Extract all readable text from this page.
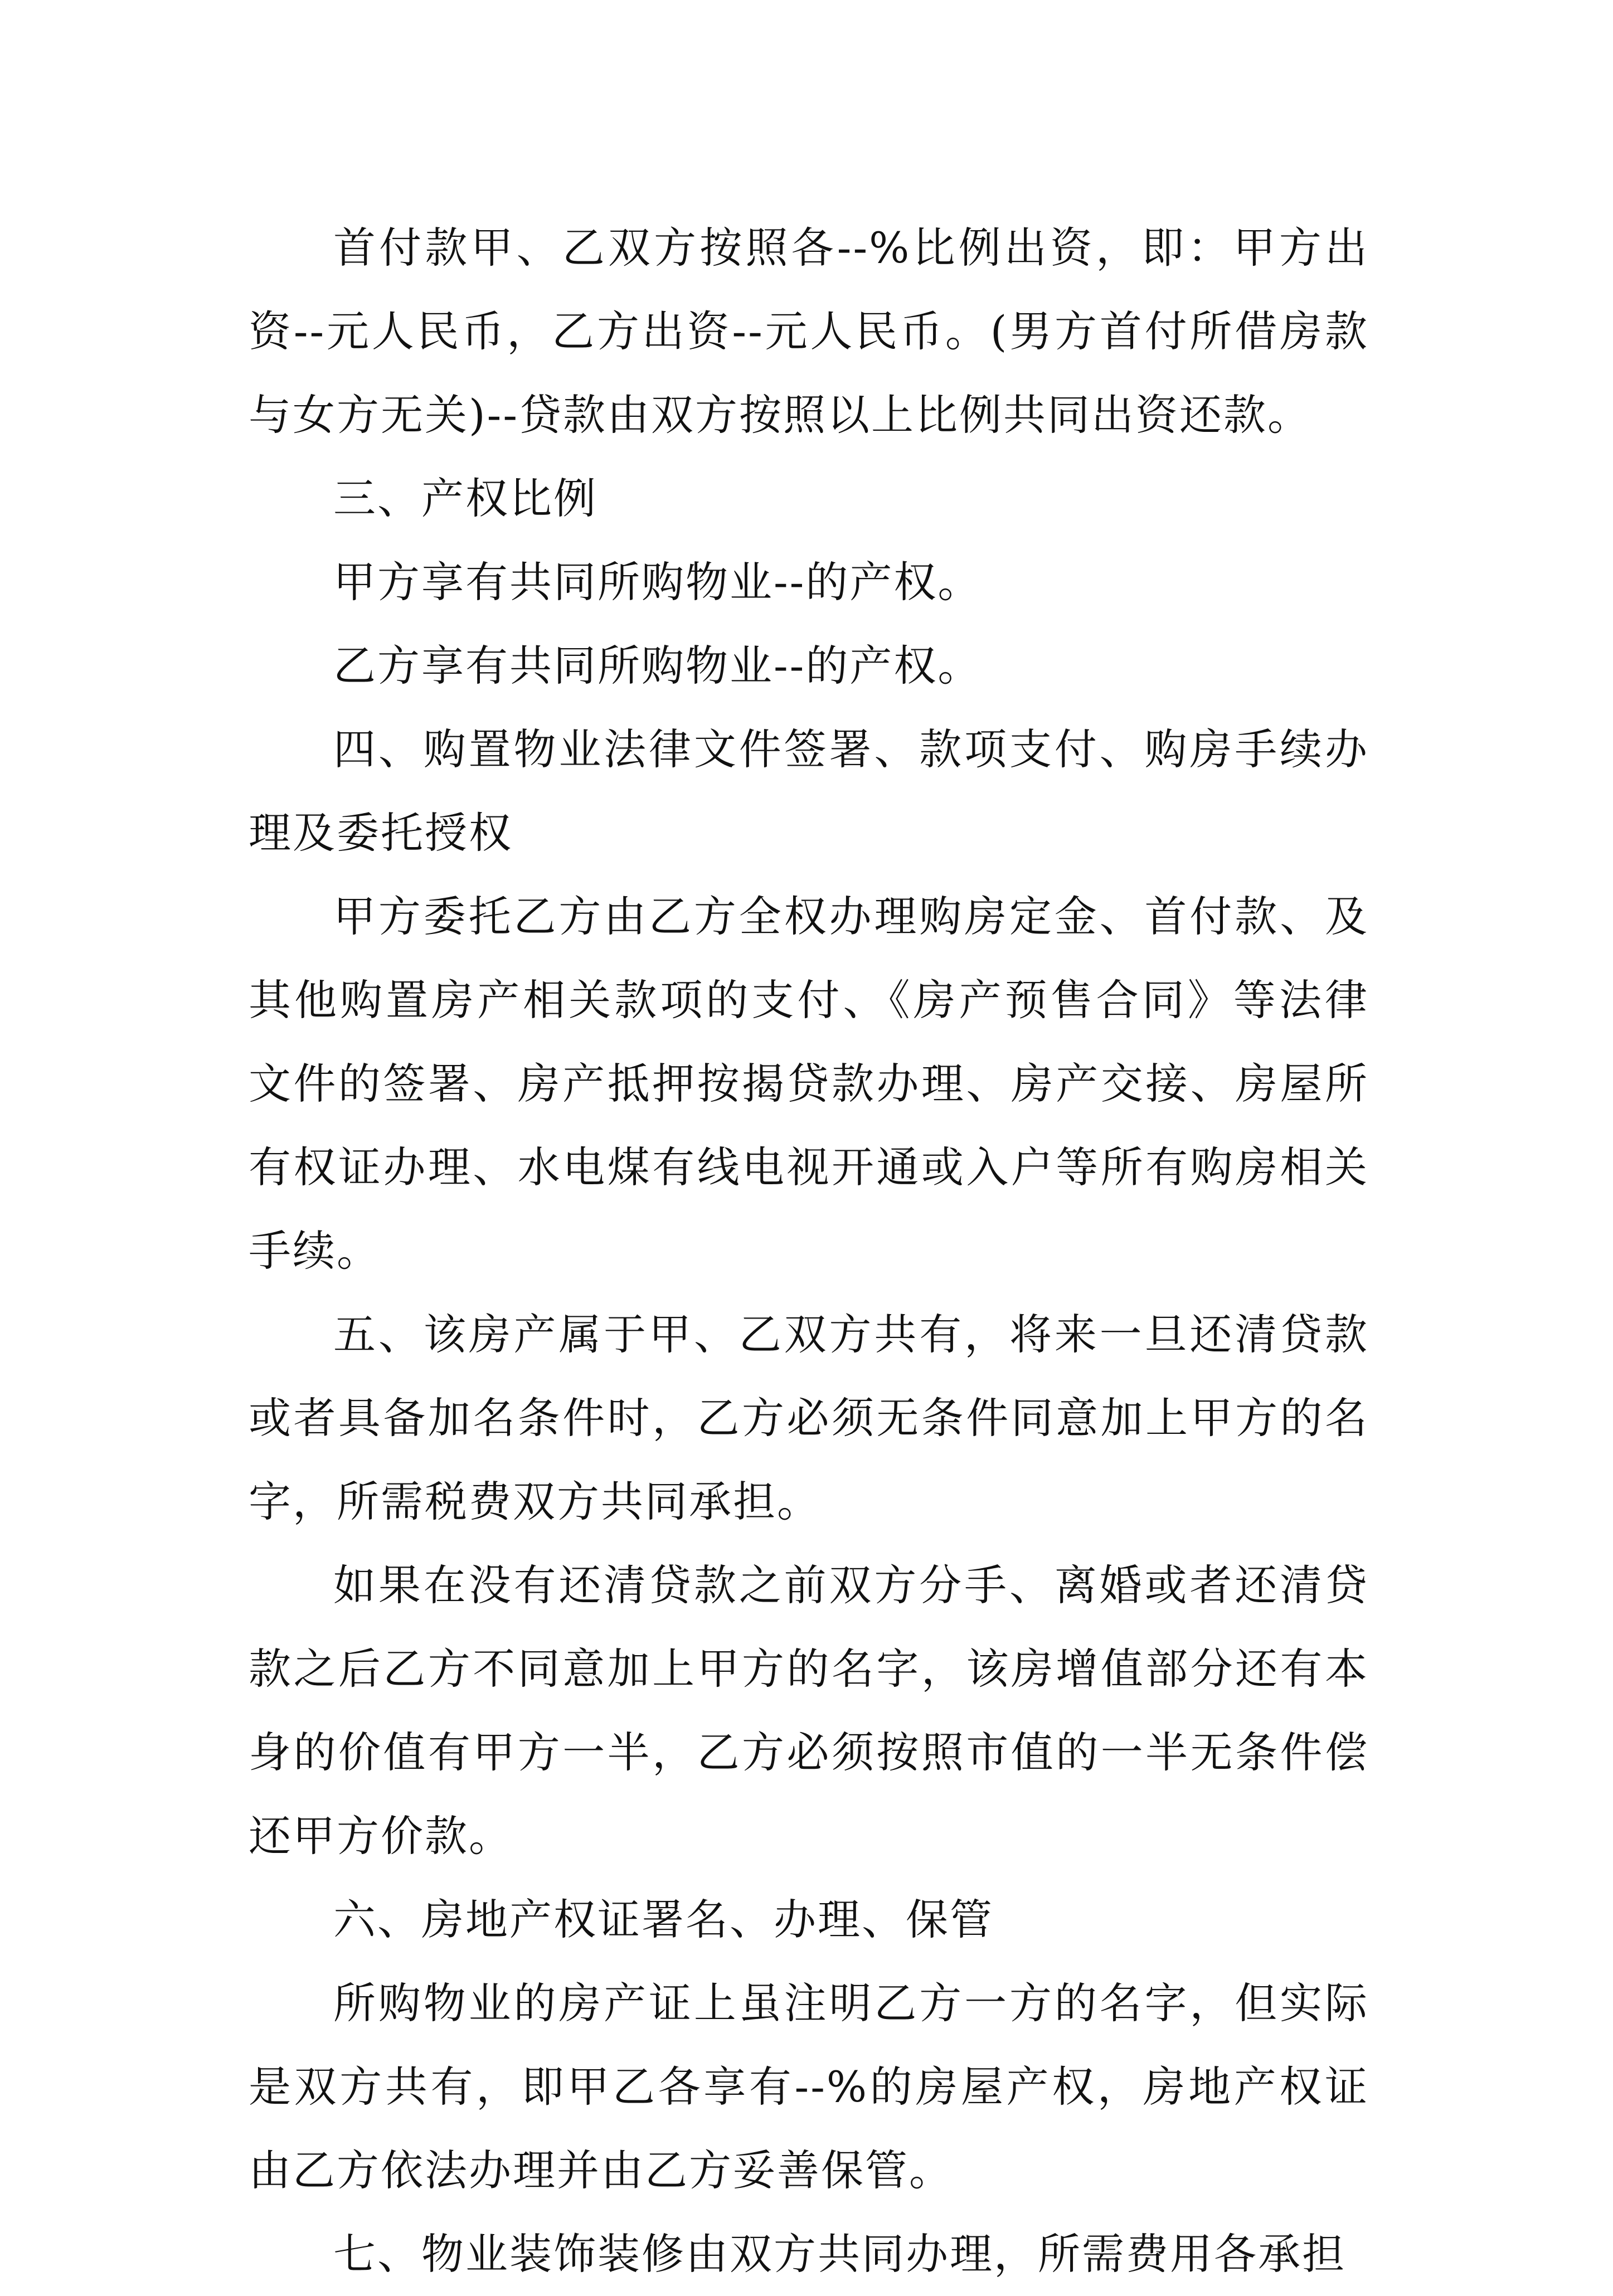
首付款甲、乙双方按照各--%比例出资，即：甲方出资--元人民币，乙方出资--元人民币。(男方首付所借房款与女方无关)--贷款由双方按照以上比例共同出资还款。

三、产权比例

甲方享有共同所购物业--的产权。

乙方享有共同所购物业--的产权。

四、购置物业法律文件签署、款项支付、购房手续办理及委托授权

甲方委托乙方由乙方全权办理购房定金、首付款、及其他购置房产相关款项的支付、《房产预售合同》等法律文件的签署、房产抵押按揭贷款办理、房产交接、房屋所有权证办理、水电煤有线电视开通或入户等所有购房相关手续。

五、该房产属于甲、乙双方共有，将来一旦还清贷款或者具备加名条件时，乙方必须无条件同意加上甲方的名字，所需税费双方共同承担。

如果在没有还清贷款之前双方分手、离婚或者还清贷款之后乙方不同意加上甲方的名字，该房增值部分还有本身的价值有甲方一半，乙方必须按照市值的一半无条件偿还甲方价款。

六、房地产权证署名、办理、保管

所购物业的房产证上虽注明乙方一方的名字，但实际是双方共有，即甲乙各享有--%的房屋产权，房地产权证由乙方依法办理并由乙方妥善保管。

七、物业装饰装修由双方共同办理，所需费用各承担
